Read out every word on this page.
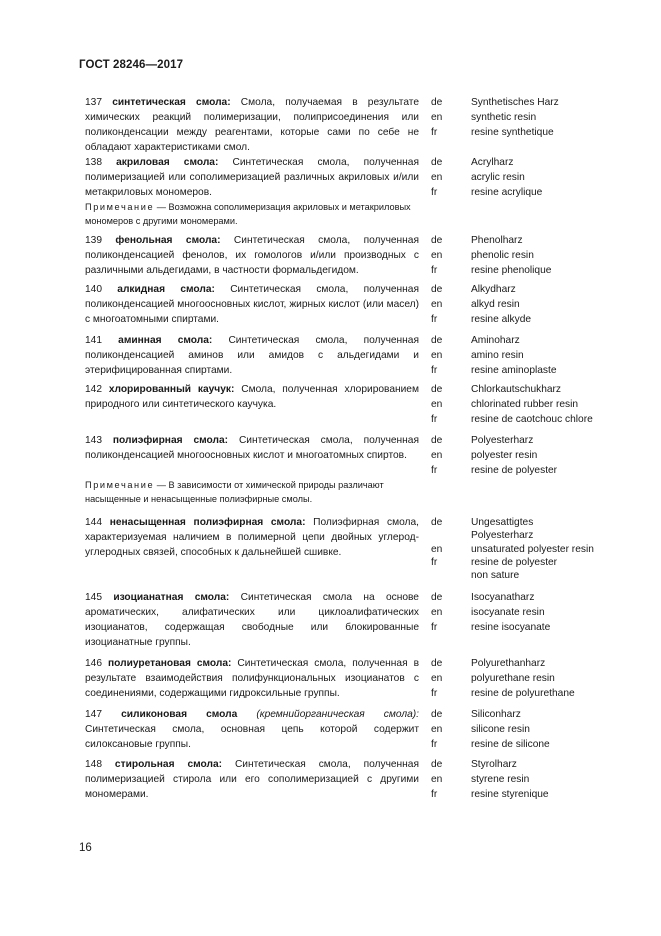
ГОСТ 28246—2017
137 синтетическая смола: Смола, получаемая в результате химических реакций полимеризации, полиприсоединения или поликонденсации между реагентами, которые сами по себе не обладают характеристиками смол.
de	Synthetisches Harz
en	synthetic resin
fr	resine synthetique
138 акриловая смола: Синтетическая смола, полученная полимеризацией или сополимеризацией различных акриловых и/или метакриловых мономеров.
Примечание — Возможна сополимеризация акриловых и метакриловых мономеров с другими мономерами.
de	Acrylharz
en	acrylic resin
fr	resine acrylique
139 фенольная смола: Синтетическая смола, полученная поликонденсацией фенолов, их гомологов и/или производных с различными альдегидами, в частности формальдегидом.
de	Phenolharz
en	phenolic resin
fr	resine phenolique
140 алкидная смола: Синтетическая смола, полученная поликонденсацией многоосновных кислот, жирных кислот (или масел) с многоатомными спиртами.
de	Alkydharz
en	alkyd resin
fr	resine alkyde
141 аминная смола: Синтетическая смола, полученная поликонденсацией аминов или амидов с альдегидами и этерифицированная спиртами.
de	Aminoharz
en	amino resin
fr	resine aminoplaste
142 хлорированный каучук: Смола, полученная хлорированием природного или синтетического каучука.
de	Chlorkautschukharz
en	chlorinated rubber resin
fr	resine de caotchouc chlore
143 полиэфирная смола: Синтетическая смола, полученная поликонденсацией многоосновных кислот и многоатомных спиртов.
Примечание — В зависимости от химической природы различают насыщенные и ненасыщенные полиэфирные смолы.
de	Polyesterharz
en	polyester resin
fr	resine de polyester
144 ненасыщенная полиэфирная смола: Полиэфирная смола, характеризуемая наличием в полимерной цепи двойных углерод-углеродных связей, способных к дальнейшей сшивке.
de	Ungesattigtes
Polyesterharz
en	unsaturated polyester resin
fr	resine de polyester
non sature
145 изоцианатная смола: Синтетическая смола на основе ароматических, алифатических или циклоалифатических изоцианатов, содержащая свободные или блокированные изоцианатные группы.
de	Isocyanatharz
en	isocyanate resin
fr	resine isocyanate
146 полиуретановая смола: Синтетическая смола, полученная в результате взаимодействия полифункциональных изоцианатов с соединениями, содержащими гидроксильные группы.
de	Polyurethanharz
en	polyurethane resin
fr	resine de polyurethane
147 силиконовая смола (кремнийорганическая смола): Синтетическая смола, основная цепь которой содержит силоксановые группы.
de	Siliconharz
en	silicone resin
fr	resine de silicone
148 стирольная смола: Синтетическая смола, полученная полимеризацией стирола или его сополимеризацией с другими мономерами.
de	Styrolharz
en	styrene resin
fr	resine styrenique
16
